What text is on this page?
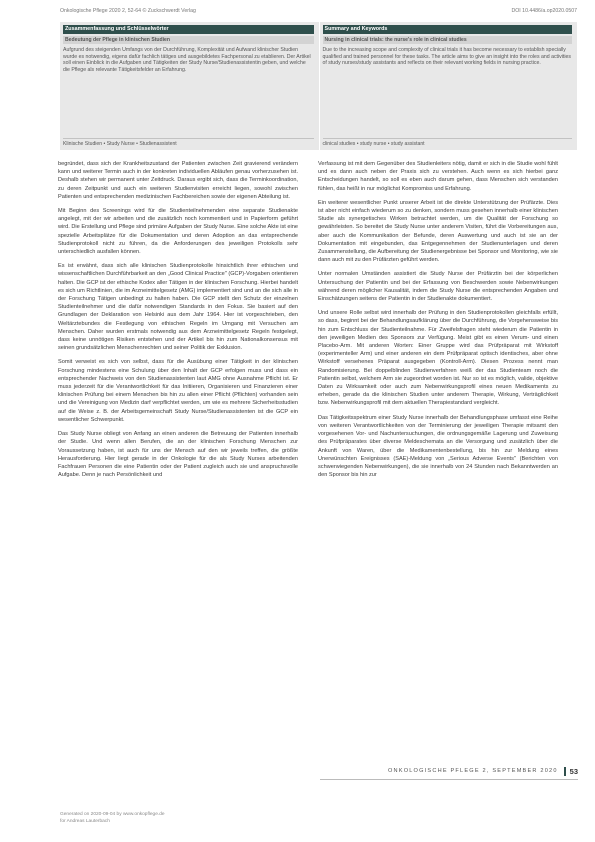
Onkologische Pflege 2020 2, 52-64 © Zuckschwerdt Verlag	DOI 10.4486/a.op2020.0507
Zusammenfassung und Schlüsselwörter
Bedeutung der Pflege in klinischen Studien
Aufgrund des steigenden Umfangs von der Durchführung, Komplexität und Aufwand klinischer Studien wurde es notwendig, eigens dafür fachlich tätiges und ausgebildetes Fachpersonal zu etablieren. Der Artikel soll einen Einblick in die Aufgaben und Tätigkeiten der Study Nurse/Studienassistentin geben, und welche die Pflege als relevante Tätigkeitsfelder an Erfahrung.
Klinische Studien • Study Nurse • Studienassistent
Summary and Keywords
Nursing in clinical trials: the nurse's role in clinical studies
Due to the increasing scope and complexity of clinical trials it has become necessary to establish specially qualified and trained personnel for these tasks. The article aims to give an insight into the roles and activities of study nurses/study assistants and reflects on their relevant working fields in nursing practice.
clinical studies • study nurse • study assistant

begründet, dass sich der Krankheitszustand der Patienten zwischen Zeit gravierend verändern kann und weiterer Termin auch in der konkreten individuellen Abläufen genau vorherzusehen ist. Deshalb stehen wir permanent unter Zeitdruck. Daraus ergibt sich, dass die Terminkoordination, zu deren Zeitpunkt und auch ein weiteren Studienvisiten erreicht liegen, sowohl zwischen Patienten und entsprechenden medizinischen Fachbereichen sowie der eigenen Abteilung ist.

Mit Beginn des Screenings wird für die Studienteilnehmenden eine separate Studienakte angelegt, mit der wir arbeiten und die zusätzlich noch kommentiert und in Papierform geführt wird. Die Erstellung und Pflege sind primäre Aufgaben der Study Nurse. Eine solche Akte ist eine spezielle Arbeitsplätze für die Dokumentation und deren Adoption an das entsprechende Studienprotokoll nicht zu führen, da die Anforderungen des jeweiligen Protokolls sehr unterschiedlich ausfallen können.

Es ist erwähnt, dass sich alle klinischen Studienprotokolle hinsichtlich ihrer ethischen und wissenschaftlichen Durchführbarkeit an den „Good Clinical Practice" (GCP)-Vorgaben orientieren halten. Die GCP ist der ethische Kodex aller Tätigen in der klinischen Forschung. Hierbei handelt es sich um Richtlinien, die im Arzneimittelgesetz (AMG) implementiert sind und an die sich alle in der Forschung Tätigen unbedingt zu halten haben. Die GCP stellt den Schutz der einzelnen Studienteilnehmer und die dafür notwendigen Standards in den Fokus. Sie basiert auf den Grundlagen der Deklaration von Helsinki aus dem Jahr 1964. Hier ist vorgeschrieben, den Weltärztebundes die Festlegung von ethischen Regeln im Umgang mit Versuchen am Menschen. Daher wurden erstmals notwendig aus dem Arzneimittelgesetz Regeln festgelegt, dass keine unnötigen Risiken entstehen und der Artikel bis hin zum Nationalkonsensus mit seinen grundsätzlichen Menschenrechten und seiner Politik der Exklusion.

Somit verweist es sich von selbst, dass für die Ausübung einer Tätigkeit in der klinischen Forschung mindestens eine Schulung über den Inhalt der GCP erfolgen muss und dass ein entsprechender Nachweis von den Studienassistenten laut AMG ohne Ausnahme Pflicht ist. Er muss jederzeit für die Verantwortlichkeit für das Initiieren, Organisieren und Finanzieren einer klinischen Prüfung bei einem Menschen bis hin zu allen einer Pflicht (Pflichten) vorhanden sein und die Vereinigung von Medizin darf verpflichtet werden, um wie es mehrere Sicherheitsstudien auf die Weise z. B. der Arbeitsgemeinschaft Study Nurse/Studienassistenten ist die GCP ein wesentlicher Schwerpunkt.

Das Study Nurse obliegt von Anfang an einen anderen die Betreuung der Patienten innerhalb der Studie. Und wenn allen Berufen, die an der klinischen Forschung Menschen zur Voraussetzung haben, ist auch für uns der Mensch auf den wir jeweils treffen, die größte Herausforderung. Hier liegt gerade in der Onkologie für die als Study Nurses arbeitenden Fachfrauen Personen die eine Patientin oder der Patient zugleich auch sie und anspruchsvolle Aufgabe. Denn je nach Persönlichkeit und

Verfassung ist mit dem Gegenüber des Studienleiters nötig, damit er sich in die Studie wohl fühlt und es dann auch neben der Praxis sich zu verstehen. Auch wenn es sich hierbei ganz Entscheidungen handelt, so soll es eben auch darum gehen, dass Menschen sich verstanden fühlen, das heißt in nur möglichst Kompromiss und Erfahrung.

Ein weiterer wesentlicher Punkt unserer Arbeit ist die direkte Unterstützung der Prüfärzte. Dies ist aber nicht einfach wiederum so zu denken, sondern muss gesehen innerhalb einer klinischen Studie als synergetisches Wirken betrachtet werden, um die Qualität der Forschung so gewährleisten. So bereitet die Study Nurse unter anderem Visiten, führt die Vorbereitungen aus, aber auch die Kommunikation der Befunde, deren Auswertung und auch ist sie an der Dokumentation mit eingebunden, das Entgegennehmen der Studienunterlagen und deren Zusammenstellung, die Aufbereitung der Studienergebnisse bei Sponsor und Monitoring, wie sie dann auch mit zu den Prüfärzten geführt werden.

Unter normalen Umständen assistiert die Study Nurse der Prüfärztin bei der körperlichen Untersuchung der Patientin und bei der Erfassung von Beschwerden sowie Nebenwirkungen während deren möglicher Kausalität, indem die Study Nurse die entsprechenden Angaben und Einschätzungen seitens der Patientin in der Studienakte dokumentiert.

Und unsere Rolle selbst wird innerhalb der Prüfung in den Studienprotokollen gleichfalls erfüllt, so dass, beginnt bei der Behandlungsaufklärung über die Durchführung, die Vorgehensweise bis hin zum Entschluss der Studienteilnahme. Für Zweifelsfragen steht wiederum die Patientin in den jeweiligen Medien des Sponsors zur Verfügung. Meist gibt es einen Verum- und einen Placebo-Arm. Mit anderen Worten: Einer Gruppe wird das Prüfpräparat mit Wirkstoff (experimenteller Arm) und einer anderen ein dem Prüfpräparat optisch identisches, aber ohne Wirkstoff versehenes Präparat ausgegeben (Kontroll-Arm). Diesen Prozess nennt man Randomisierung. Bei doppelblinden Studienverfahren weiß der das Studienteam noch die Patientin selbst, welchem Arm sie zugeordnet worden ist. Nur so ist es möglich, valide, objektive Daten zu Wirksamkeit oder auch zum Nebenwirkungsprofil eines neuen Medikaments zu erheben, gerade da die klinischen Studien unter anderem Therapie, Wirkung, Verträglichkeit bzw. Nebenwirkungsprofil mit dem aktuellen Therapiestandard vergleicht.

Das Tätigkeitsspektrum einer Study Nurse innerhalb der Behandlungsphase umfasst eine Reihe von weiteren Verantwortlichkeiten von der Terminierung der jeweiligen Therapie mitsamt den vorgesehenen Vor- und Nachuntersuchungen, die ordnungsgemäße Lagerung und Zuweisung des Prüfpräparates über diverse Meldeschemata an die Versorgung und zusätzlich über die Ankunft von Waren, über die Medikamentenbestellung, bis hin zur Meldung eines Unerwünschten Ereignisses (SAE)-Meldung von „Serious Adverse Events" (Berichten von schwerwiegenden Nebenwirkungen), die sie innerhalb von 24 Stunden nach Bekanntwerden an den Sponsor bis hin zur

ONKOLOGISCHE PFLEGE 2, SEPTEMBER 2020	53
Generated on 2020-09-04 by www.onkopflege.de
for Andreas Lauterbach
